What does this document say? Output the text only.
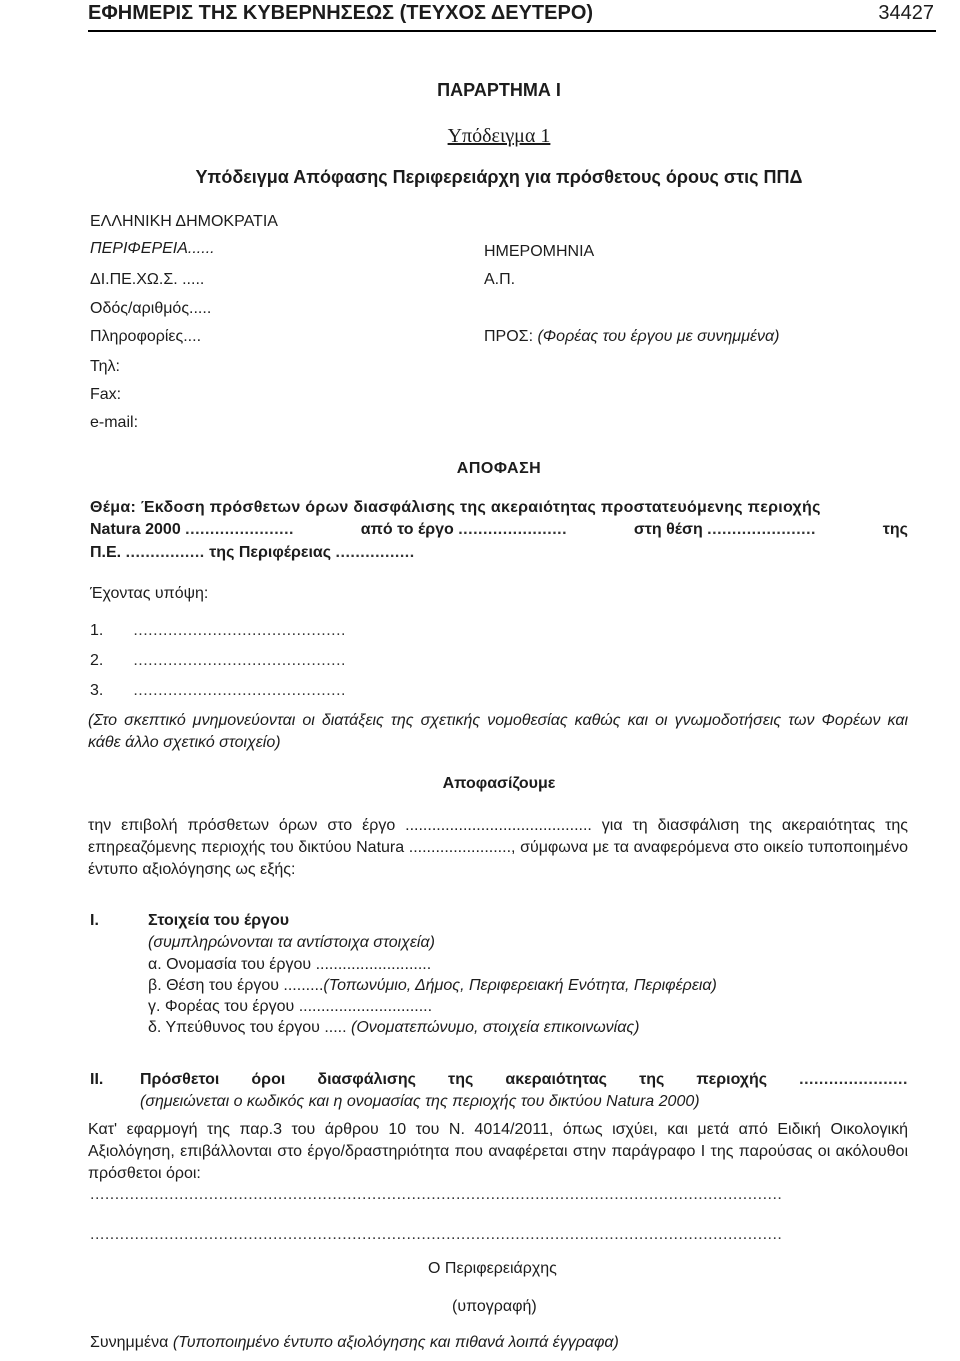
ΕΦΗΜΕΡΙΣ ΤΗΣ ΚΥΒΕΡΝΗΣΕΩΣ (ΤΕΥΧΟΣ ΔΕΥΤΕΡΟ)	34427
ΠΑΡΑΡΤΗΜΑ Ι
Υπόδειγμα 1
Υπόδειγμα Απόφασης Περιφερειάρχη για πρόσθετους όρους στις ΠΠΔ
ΕΛΛΗΝΙΚΗ ΔΗΜΟΚΡΑΤΙΑ
ΠΕΡΙΦΕΡΕΙΑ......
ΔΙ.ΠΕ.ΧΩ.Σ. .....
Οδός/αριθμός.....
Πληροφορίες....
Τηλ:
Fax:
e-mail:
ΗΜΕΡΟΜΗΝΙΑ
Α.Π.
ΠΡΟΣ: (Φορέας του έργου με συνημμένα)
ΑΠΟΦΑΣΗ
Θέμα: Έκδοση πρόσθετων όρων διασφάλισης της ακεραιότητας προστατευόμενης περιοχής
Natura 2000 ......................	από το έργο ......................	στη θέση ......................	της
Π.Ε. ................ της Περιφέρειας ................
Έχοντας υπόψη:
1. ...........................................
2. ...........................................
3. ...........................................
(Στο σκεπτικό μνημονεύονται οι διατάξεις της σχετικής νομοθεσίας καθώς και οι γνωμοδοτήσεις των Φορέων και κάθε άλλο σχετικό στοιχείο)
Αποφασίζουμε
την επιβολή πρόσθετων όρων στο έργο .......................................... για τη διασφάλιση της ακεραιότητας της επηρεαζόμενης περιοχής του δικτύου Natura ......................., σύμφωνα με τα αναφερόμενα στο οικείο τυποποιημένο έντυπο αξιολόγησης ως εξής:
I.	Στοιχεία του έργου
(συμπληρώνονται τα αντίστοιχα στοιχεία)
α. Ονομασία του έργου ..........................
β. Θέση του έργου .........(Τοπωνύμιο, Δήμος, Περιφερειακή Ενότητα, Περιφέρεια)
γ. Φορέας του έργου ..............................
δ. Υπεύθυνος του έργου ..... (Ονοματεπώνυμο, στοιχεία επικοινωνίας)
II. Πρόσθετοι όροι διασφάλισης της ακεραιότητας της περιοχής ......................
(σημειώνεται ο κωδικός και η ονομασίας της περιοχής του δικτύου Natura 2000)
Κατ' εφαρμογή της παρ.3 του άρθρου 10 του Ν. 4014/2011, όπως ισχύει, και μετά από Ειδική Οικολογική Αξιολόγηση, επιβάλλονται στο έργο/δραστηριότητα που αναφέρεται στην παράγραφο Ι της παρούσας οι ακόλουθοι πρόσθετοι όροι:
............................................................................................................................................
............................................................................................................................................
Ο Περιφερειάρχης
(υπογραφή)
Συνημμένα (Τυποποιημένο έντυπο αξιολόγησης και πιθανά λοιπά έγγραφα)
